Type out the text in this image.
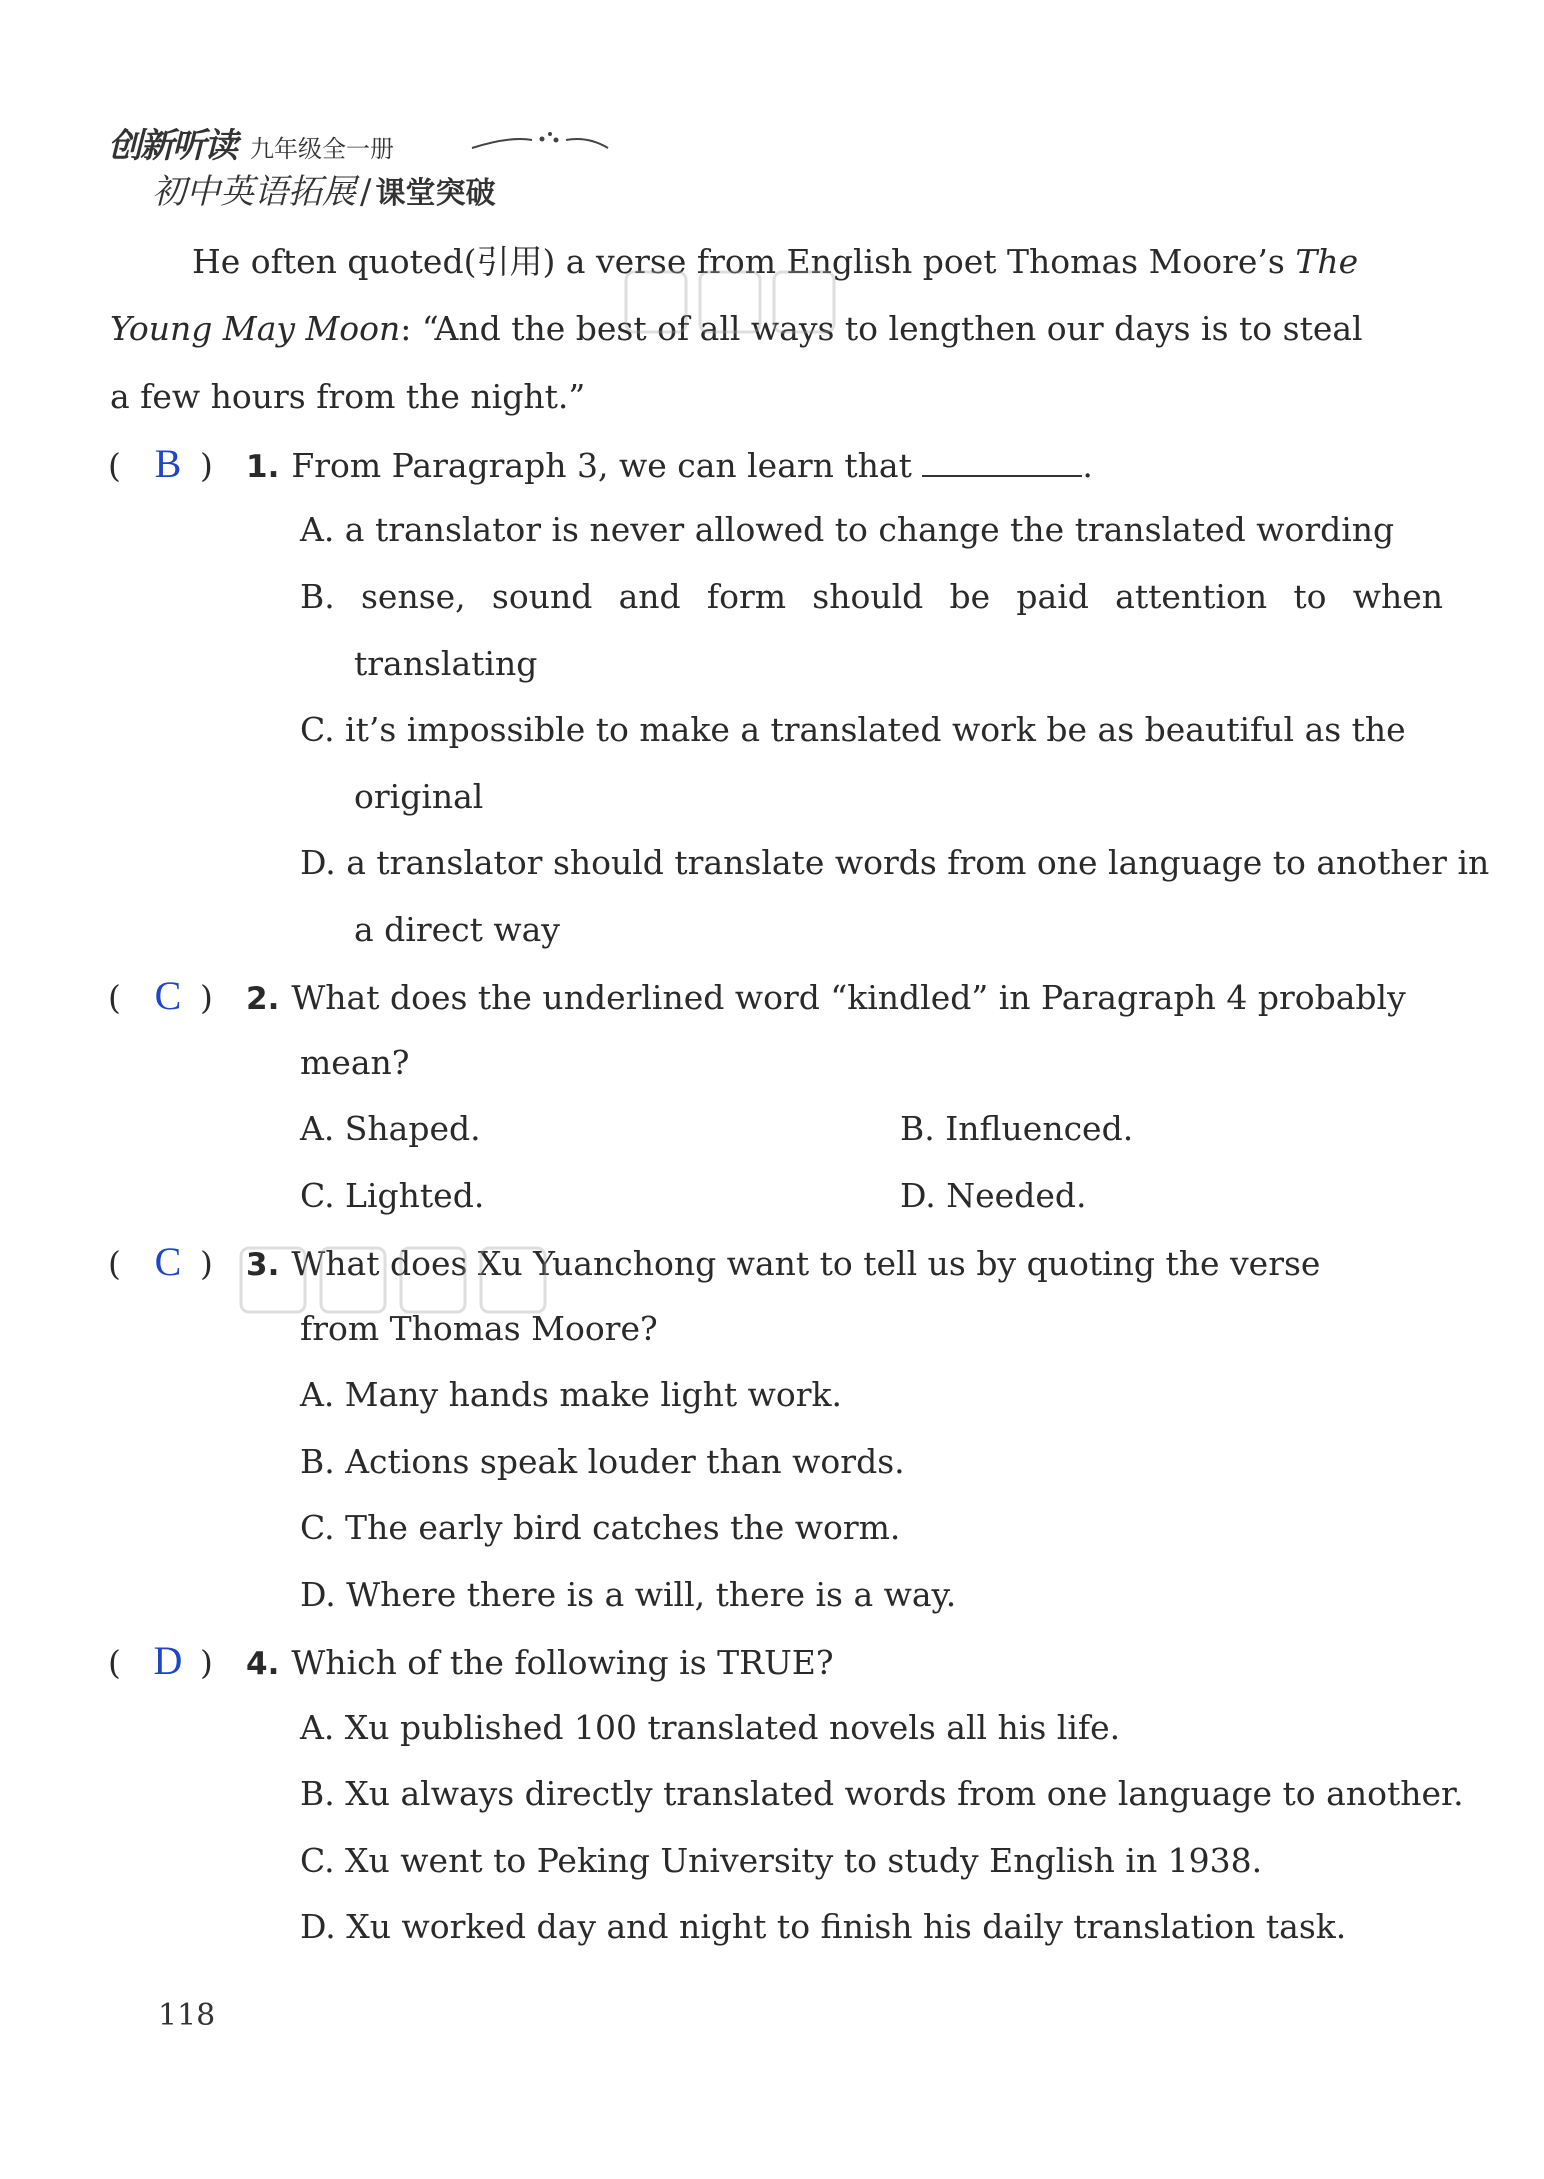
创新听读 九年级全一册
初中英语拓展 ∕ 课堂突破
He often quoted(引用) a verse from English poet Thomas Moore’s The
Young May Moon: “And the best of all ways to lengthen our days is to steal
a few hours from the night.”
( B ) 1. From Paragraph 3, we can learn that	.
A. a translator is never allowed to change the translated wording
B. sense, sound and form should be paid attention to when
translating
C. it’s impossible to make a translated work be as beautiful as the
original
D. a translator should translate words from one language to another in
a direct way
( C ) 2. What does the underlined word “kindled” in Paragraph 4 probably
mean?
A. Shaped.	B. Influenced.
C. Lighted.	D. Needed.
( C ) 3. What does Xu Yuanchong want to tell us by quoting the verse
from Thomas Moore?
A. Many hands make light work.
B. Actions speak louder than words.
C. The early bird catches the worm.
D. Where there is a will, there is a way.
( D ) 4. Which of the following is TRUE?
A. Xu published 100 translated novels all his life.
B. Xu always directly translated words from one language to another.
C. Xu went to Peking University to study English in 1938.
D. Xu worked day and night to finish his daily translation task.
118
